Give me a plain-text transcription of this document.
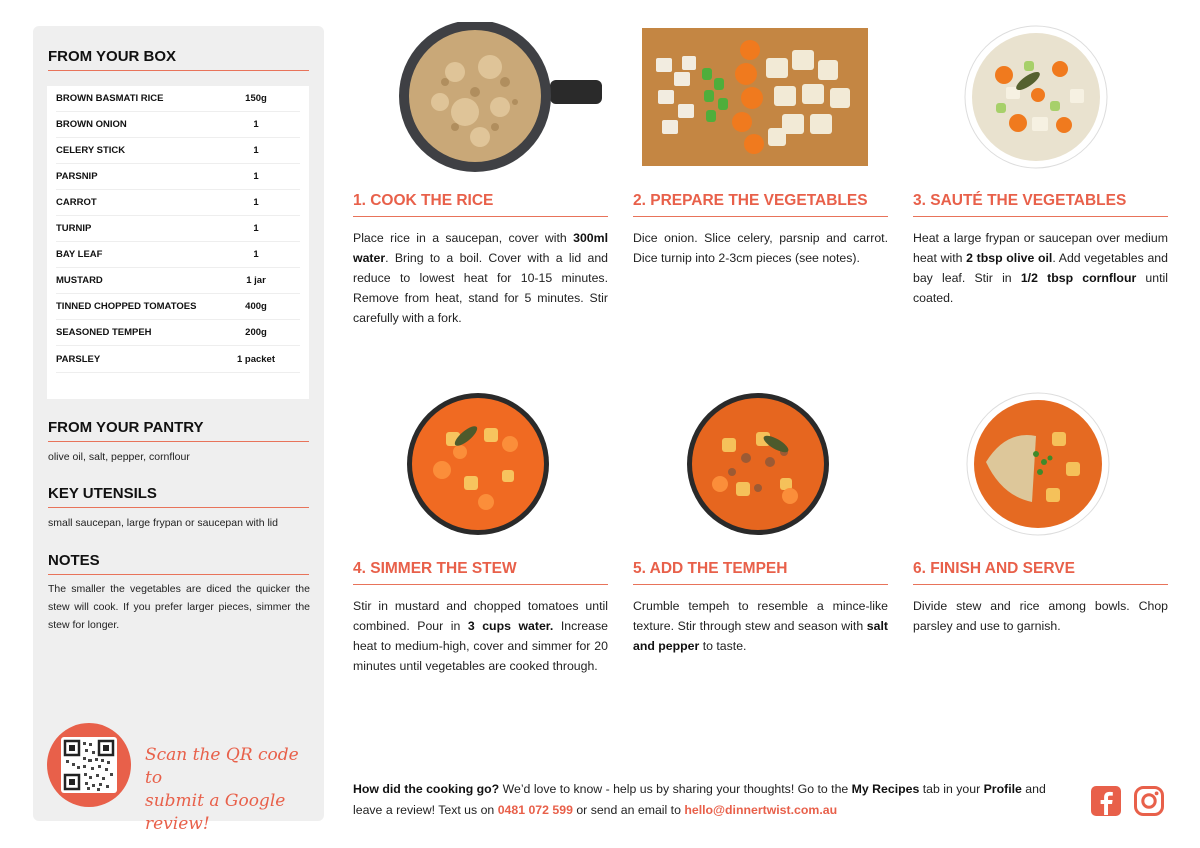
FROM YOUR BOX
BROWN BASMATI RICE	150g
BROWN ONION	1
CELERY STICK	1
PARSNIP	1
CARROT	1
TURNIP	1
BAY LEAF	1
MUSTARD	1 jar
TINNED CHOPPED TOMATOES	400g
SEASONED TEMPEH	200g
PARSLEY	1 packet
FROM YOUR PANTRY
olive oil, salt, pepper, cornflour
KEY UTENSILS
small saucepan, large frypan or saucepan with lid
NOTES
The smaller the vegetables are diced the quicker the stew will cook. If you prefer larger pieces, simmer the stew for longer.
Scan the QR code to
submit a Google review!
1. COOK THE RICE
Place rice in a saucepan, cover with 300ml water. Bring to a boil. Cover with a lid and reduce to lowest heat for 10-15 minutes. Remove from heat, stand for 5 minutes. Stir carefully with a fork.
2. PREPARE THE VEGETABLES
Dice onion. Slice celery, parsnip and carrot. Dice turnip into 2-3cm pieces (see notes).
3. SAUTÉ THE VEGETABLES
Heat a large frypan or saucepan over medium heat with 2 tbsp olive oil. Add vegetables and bay leaf. Stir in 1/2 tbsp cornflour until coated.
4. SIMMER THE STEW
Stir in mustard and chopped tomatoes until combined. Pour in 3 cups water. Increase heat to medium-high, cover and simmer for 20 minutes until vegetables are cooked through.
5. ADD THE TEMPEH
Crumble tempeh to resemble a mince-like texture. Stir through stew and season with salt and pepper to taste.
6. FINISH AND SERVE
Divide stew and rice among bowls. Chop parsley and use to garnish.
How did the cooking go? We’d love to know - help us by sharing your thoughts! Go to the My Recipes tab in your Profile and leave a review! Text us on 0481 072 599 or send an email to hello@dinnertwist.com.au
